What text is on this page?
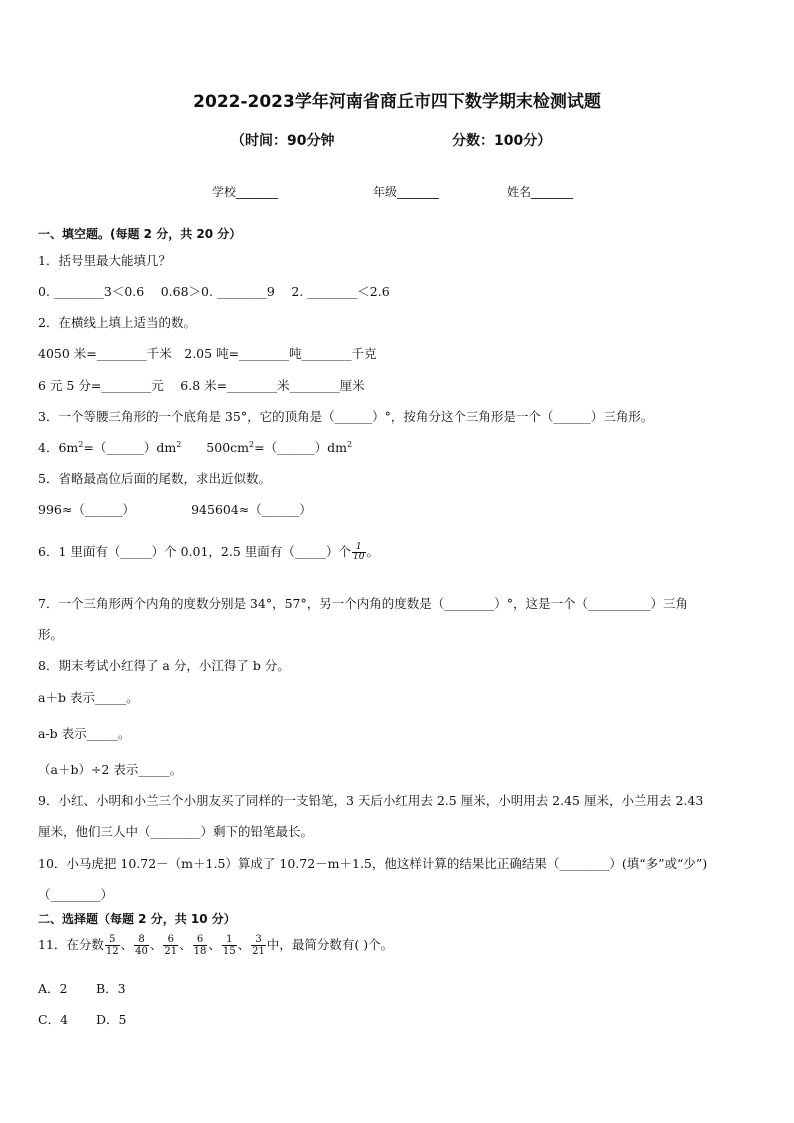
2022-2023学年河南省商丘市四下数学期末检测试题
（时间：90分钟	分数：100分）
学校_______	年级_______	姓名_______
一、填空题。(每题 2 分，共 20 分）
1．括号里最大能填几？
0. ________3＜0.6　 0.68＞0. ________9　 2. ________＜2.6
2．在横线上填上适当的数。
4050 米=________千米　2.05 吨=________吨________千克
6 元 5 分=________元　 6.8 米=________米________厘米
3．一个等腰三角形的一个底角是 35°，它的顶角是（______）°，按角分这个三角形是一个（______）三角形。
4．$6m^2=(\_\_\_\_\_\_)dm^2$　　$500cm^2=(\_\_\_\_\_\_)dm^2$
5．省略最高位后面的尾数，求出近似数。
996≈（______）　　　　　945604≈（______）
6．1 里面有（_____）个 0.01，2.5 里面有（_____）个 $\frac{1}{10}$ 。
7．一个三角形两个内角的度数分别是 34°，57°，另一个内角的度数是（________）°，这是一个（__________）三角
形。
8．期末考试小红得了 a 分，小江得了 b 分。
a＋b 表示_____。
a-b 表示_____。
（a＋b）÷2 表示_____。
9．小红、小明和小兰三个小朋友买了同样的一支铅笔，3 天后小红用去 2.5 厘米，小明用去 2.45 厘米，小兰用去 2.43
厘米，他们三人中（________）剩下的铅笔最长。
10．小马虎把 10.72－（m＋1.5）算成了 10.72－m＋1.5，他这样计算的结果比正确结果（________）(填“多”或“少”)
（________）
二、选择题（每题 2 分，共 10 分）
11．在分数 $\frac{5}{12}$ 、 $\frac{8}{40}$ 、 $\frac{6}{21}$ 、 $\frac{6}{18}$ 、 $\frac{1}{15}$ 、 $\frac{3}{21}$ 中，最简分数有( )个。
A．2 B．3
C．4 D．5
